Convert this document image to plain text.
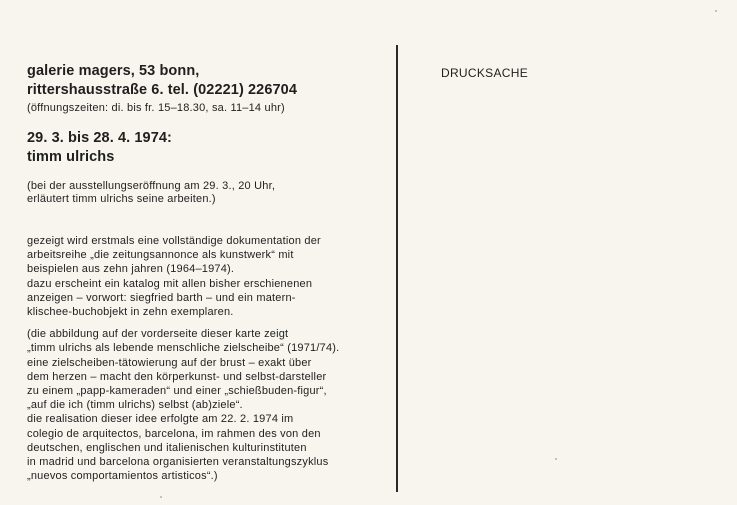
galerie magers, 53 bonn,

rittershausstraße 6. tel. (02221) 226704

(öffnungszeiten: di. bis fr. 15–18.30, sa. 11–14 uhr)

29. 3. bis 28. 4. 1974:

timm ulrichs

(bei der ausstellungseröffnung am 29. 3., 20 Uhr,
erläutert timm ulrichs seine arbeiten.)
gezeigt wird erstmals eine vollständige dokumentation der
arbeitsreihe „die zeitungsannonce als kunstwerk“ mit
beispielen aus zehn jahren (1964–1974).
dazu erscheint ein katalog mit allen bisher erschienenen
anzeigen – vorwort: siegfried barth – und ein matern-
klischee-buchobjekt in zehn exemplaren.
(die abbildung auf der vorderseite dieser karte zeigt
„timm ulrichs als lebende menschliche zielscheibe“ (1971/74).
eine zielscheiben-tätowierung auf der brust – exakt über
dem herzen – macht den körperkunst- und selbst-darsteller
zu einem „papp-kameraden“ und einer „schießbuden-figur“,
„auf die ich (timm ulrichs) selbst (ab)ziele“.
die realisation dieser idee erfolgte am 22. 2. 1974 im
colegio de arquitectos, barcelona, im rahmen des von den
deutschen, englischen und italienischen kulturinstituten
in madrid und barcelona organisierten veranstaltungszyklus
„nuevos comportamientos artisticos“.)
DRUCKSACHE
